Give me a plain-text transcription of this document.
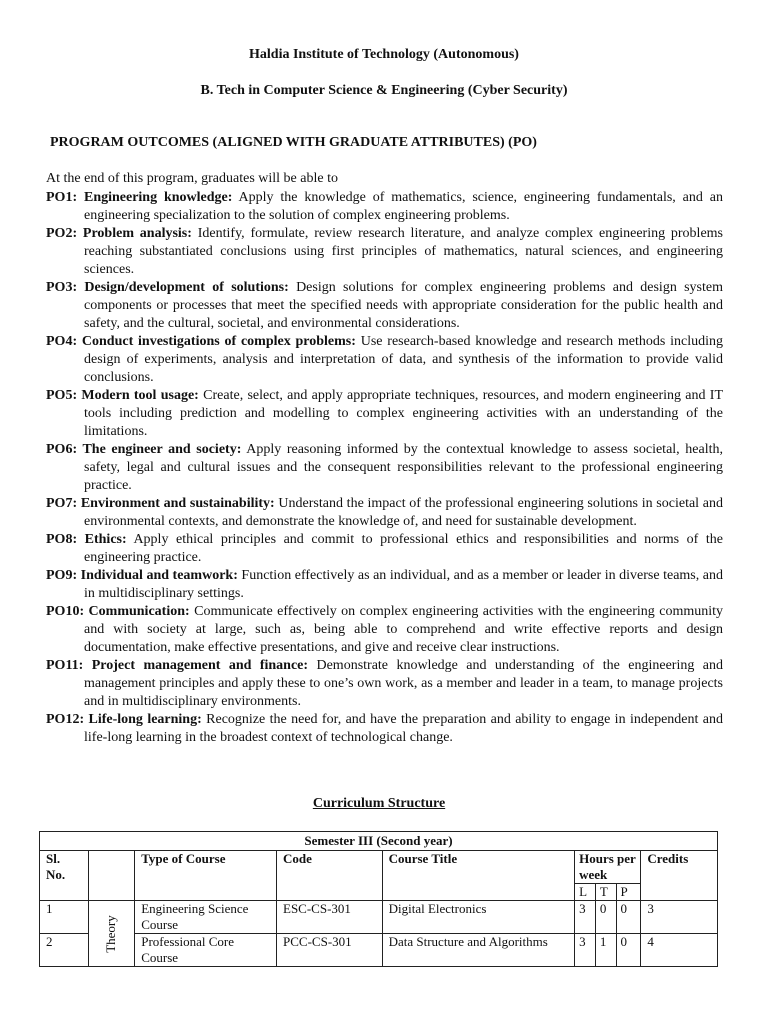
Haldia Institute of Technology (Autonomous)
B. Tech in Computer Science & Engineering (Cyber Security)
PROGRAM OUTCOMES (ALIGNED WITH GRADUATE ATTRIBUTES) (PO)
At the end of this program, graduates will be able to

PO1: Engineering knowledge: Apply the knowledge of mathematics, science, engineering fundamentals, and an engineering specialization to the solution of complex engineering problems.

PO2: Problem analysis: Identify, formulate, review research literature, and analyze complex engineering problems reaching substantiated conclusions using first principles of mathematics, natural sciences, and engineering sciences.

PO3: Design/development of solutions: Design solutions for complex engineering problems and design system components or processes that meet the specified needs with appropriate consideration for the public health and safety, and the cultural, societal, and environmental considerations.

PO4: Conduct investigations of complex problems: Use research-based knowledge and research methods including design of experiments, analysis and interpretation of data, and synthesis of the information to provide valid conclusions.

PO5: Modern tool usage: Create, select, and apply appropriate techniques, resources, and modern engineering and IT tools including prediction and modelling to complex engineering activities with an understanding of the limitations.

PO6: The engineer and society: Apply reasoning informed by the contextual knowledge to assess societal, health, safety, legal and cultural issues and the consequent responsibilities relevant to the professional engineering practice.

PO7: Environment and sustainability: Understand the impact of the professional engineering solutions in societal and environmental contexts, and demonstrate the knowledge of, and need for sustainable development.

PO8: Ethics: Apply ethical principles and commit to professional ethics and responsibilities and norms of the engineering practice.

PO9: Individual and teamwork: Function effectively as an individual, and as a member or leader in diverse teams, and in multidisciplinary settings.

PO10: Communication: Communicate effectively on complex engineering activities with the engineering community and with society at large, such as, being able to comprehend and write effective reports and design documentation, make effective presentations, and give and receive clear instructions.

PO11: Project management and finance: Demonstrate knowledge and understanding of the engineering and management principles and apply these to one’s own work, as a member and leader in a team, to manage projects and in multidisciplinary environments.

PO12: Life-long learning: Recognize the need for, and have the preparation and ability to engage in independent and life-long learning in the broadest context of technological change.

Curriculum Structure
Semester III (Second year)								
Sl. No.		Type of Course	Code	Course Title	Hours per week			Credits
					L	T	P	
1	Theory	Engineering Science Course	ESC-CS-301	Digital Electronics	3	0	0	3
2		Professional Core Course	PCC-CS-301	Data Structure and Algorithms	3	1	0	4
